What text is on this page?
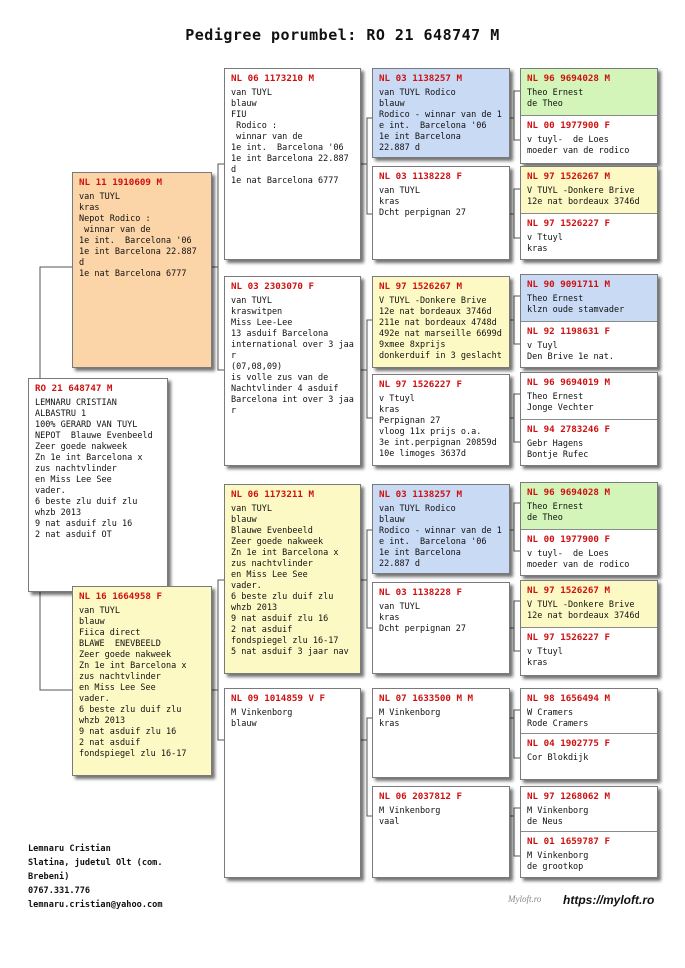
Pedigree porumbel: RO 21 648747 M
RO 21 648747 M
LEMNARU CRISTIAN
ALBASTRU 1
100% GERARD VAN TUYL
NEPOT  Blauwe Evenbeeld
Zeer goede nakweek
Zn 1e int Barcelona x
zus nachtvlinder
en Miss Lee See
vader.
6 beste zlu duif zlu
whzb 2013
9 nat asduif zlu 16
2 nat asduif OT
NL 11 1910609 M
van TUYL
kras
Nepot Rodico :
winnar van de
1e int.  Barcelona '06
1e int Barcelona 22.887
d
1e nat Barcelona 6777
NL 16 1664958 F
van TUYL
blauw
Fiica direct
BLAWE  ENEVBEELD
Zeer goede nakweek
Zn 1e int Barcelona x
zus nachtvlinder
en Miss Lee See
vader.
6 beste zlu duif zlu
whzb 2013
9 nat asduif zlu 16
2 nat asduif
fondspiegel zlu 16-17
NL 06 1173210 M
van TUYL
blauw
FIU
Rodico :
winnar van de
1e int.  Barcelona '06
1e int Barcelona 22.887
d
1e nat Barcelona 6777
NL 03 2303070 F
van TUYL
kraswitpen
Miss Lee-Lee
13 asduif Barcelona
international over 3 jaa
r
(07,08,09)
is volle zus van de
Nachtvlinder 4 asduif
Barcelona int over 3 jaa
r
NL 06 1173211 M
van TUYL
blauw
Blauwe Evenbeeld
Zeer goede nakweek
Zn 1e int Barcelona x
zus nachtvlinder
en Miss Lee See
vader.
6 beste zlu duif zlu
whzb 2013
9 nat asduif zlu 16
2 nat asduif
fondspiegel zlu 16-17
5 nat asduif 3 jaar nav
NL 09 1014859 V F
M Vinkenborg
blauw
NL 03 1138257 M
van TUYL Rodico
blauw
Rodico - winnar van de 1
e int.  Barcelona '06
1e int Barcelona
22.887 d
NL 03 1138228 F
van TUYL
kras
Dcht perpignan 27
NL 97 1526267 M
V TUYL -Donkere Brive
12e nat bordeaux 3746d
211e nat bordeaux 4748d
492e nat marseille 6699d
9xmee 8xprijs
donkerduif in 3 geslacht
NL 97 1526227 F
v Ttuyl
kras
Perpignan 27
vloog 11x prijs o.a.
3e int.perpignan 20859d
10e limoges 3637d
NL 03 1138257 M
van TUYL Rodico
blauw
Rodico - winnar van de 1
e int.  Barcelona '06
1e int Barcelona
22.887 d
NL 03 1138228 F
van TUYL
kras
Dcht perpignan 27
NL 07 1633500 M M
M Vinkenborg
kras
NL 06 2037812 F
M Vinkenborg
vaal
NL 96 9694028 M
Theo Ernest
de Theo
NL 00 1977900 F
v tuyl-  de Loes
moeder van de rodico
NL 97 1526267 M
V TUYL -Donkere Brive
12e nat bordeaux 3746d
NL 97 1526227 F
v Ttuyl
kras
NL 90 9091711 M
Theo Ernest
klzn oude stamvader
NL 92 1198631 F
v Tuyl
Den Brive 1e nat.
NL 96 9694019 M
Theo Ernest
Jonge Vechter
NL 94 2783246 F
Gebr Hagens
Bontje Rufec
NL 96 9694028 M
Theo Ernest
de Theo
NL 00 1977900 F
v tuyl-  de Loes
moeder van de rodico
NL 97 1526267 M
V TUYL -Donkere Brive
12e nat bordeaux 3746d
NL 97 1526227 F
v Ttuyl
kras
NL 98 1656494 M
W Cramers
Rode Cramers
NL 04 1902775 F
Cor Blokdijk
NL 97 1268062 M
M Vinkenborg
de Neus
NL 01 1659787 F
M Vinkenborg
de grootkop
Lemnaru Cristian
Slatina, judetul Olt (com.
Brebeni)
0767.331.776
lemnaru.cristian@yahoo.com
Myloft.ro https://myloft.ro
